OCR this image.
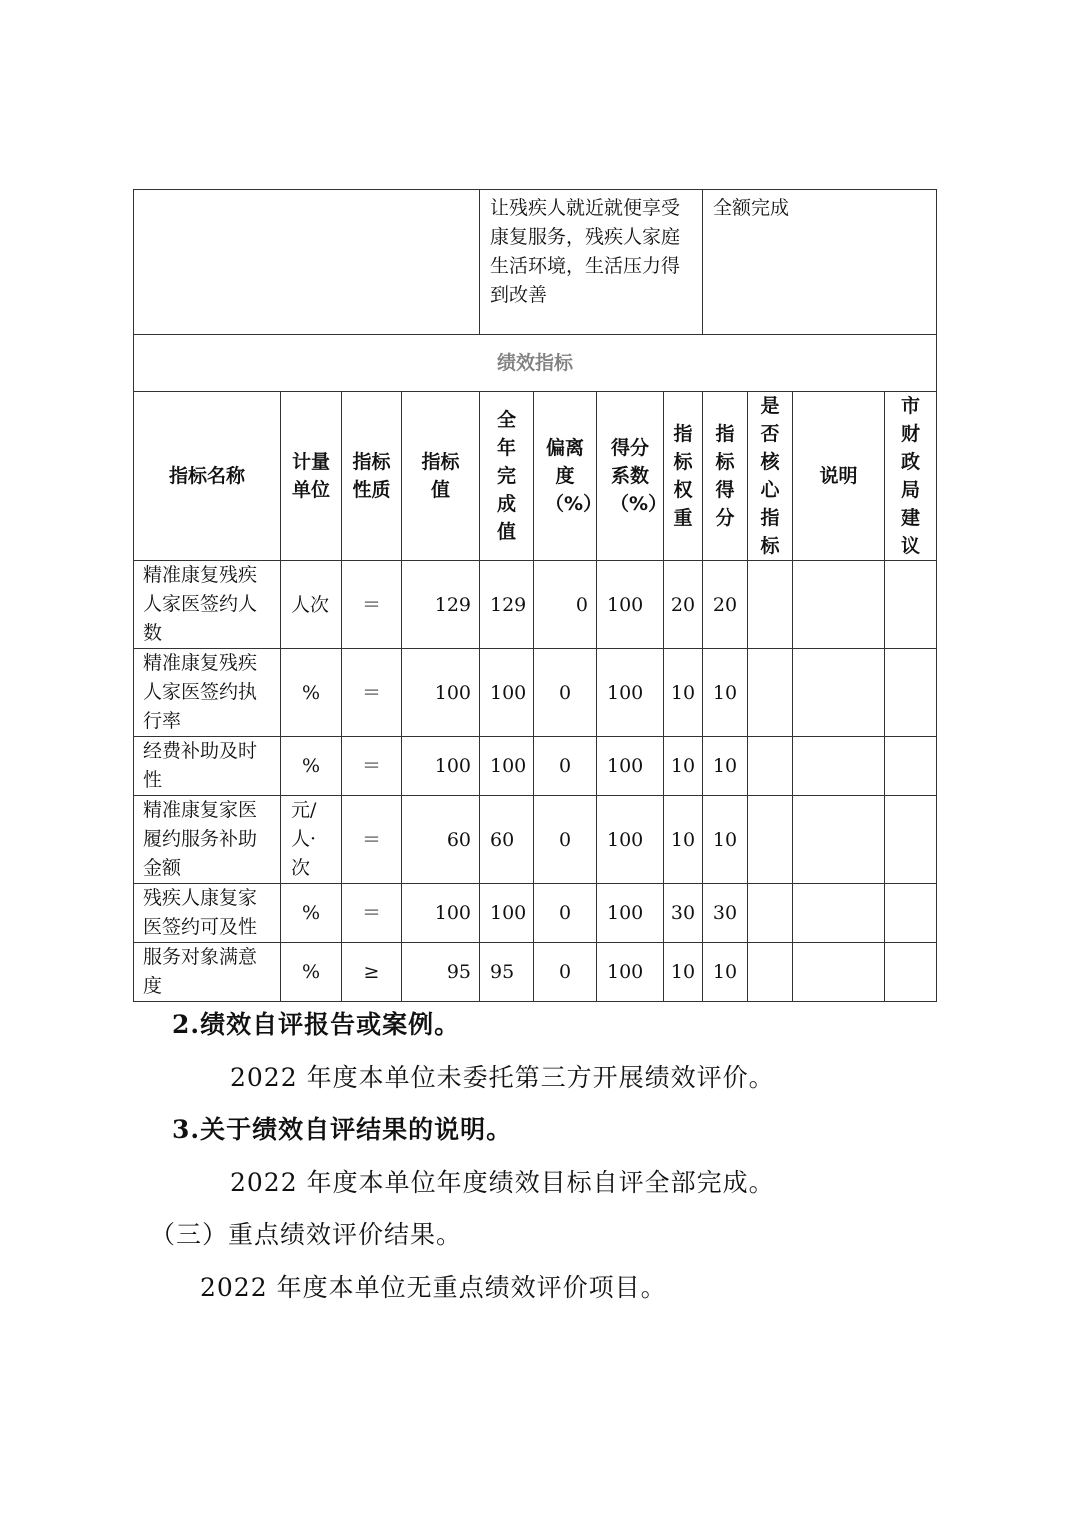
				让残疾人就近就便享受康复服务，残疾人家庭生活环境，生活压力得到改善				全额完成			
绩效指标											
指标名称	计量单位	指标性质	指标值	全年完成值	偏离度（%）	得分系数（%）	指标权重	指标得分	是否核心指标	说明	市财政局建议

精准康复残疾人家医签约人数	人次	＝	129	129	0	100	20	20			
精准康复残疾人家医签约执行率	%	＝	100	100	0	100	10	10			
经费补助及时性	%	＝	100	100	0	100	10	10			
精准康复家医履约服务补助金额	元/人·次	＝	60	60	0	100	10	10			
残疾人康复家医签约可及性	%	＝	100	100	0	100	30	30			
服务对象满意度	%	≥	95	95	0	100	10	10			
2.绩效自评报告或案例。
2022 年度本单位未委托第三方开展绩效评价。
3.关于绩效自评结果的说明。
2022 年度本单位年度绩效目标自评全部完成。
（三）重点绩效评价结果。
2022 年度本单位无重点绩效评价项目。
